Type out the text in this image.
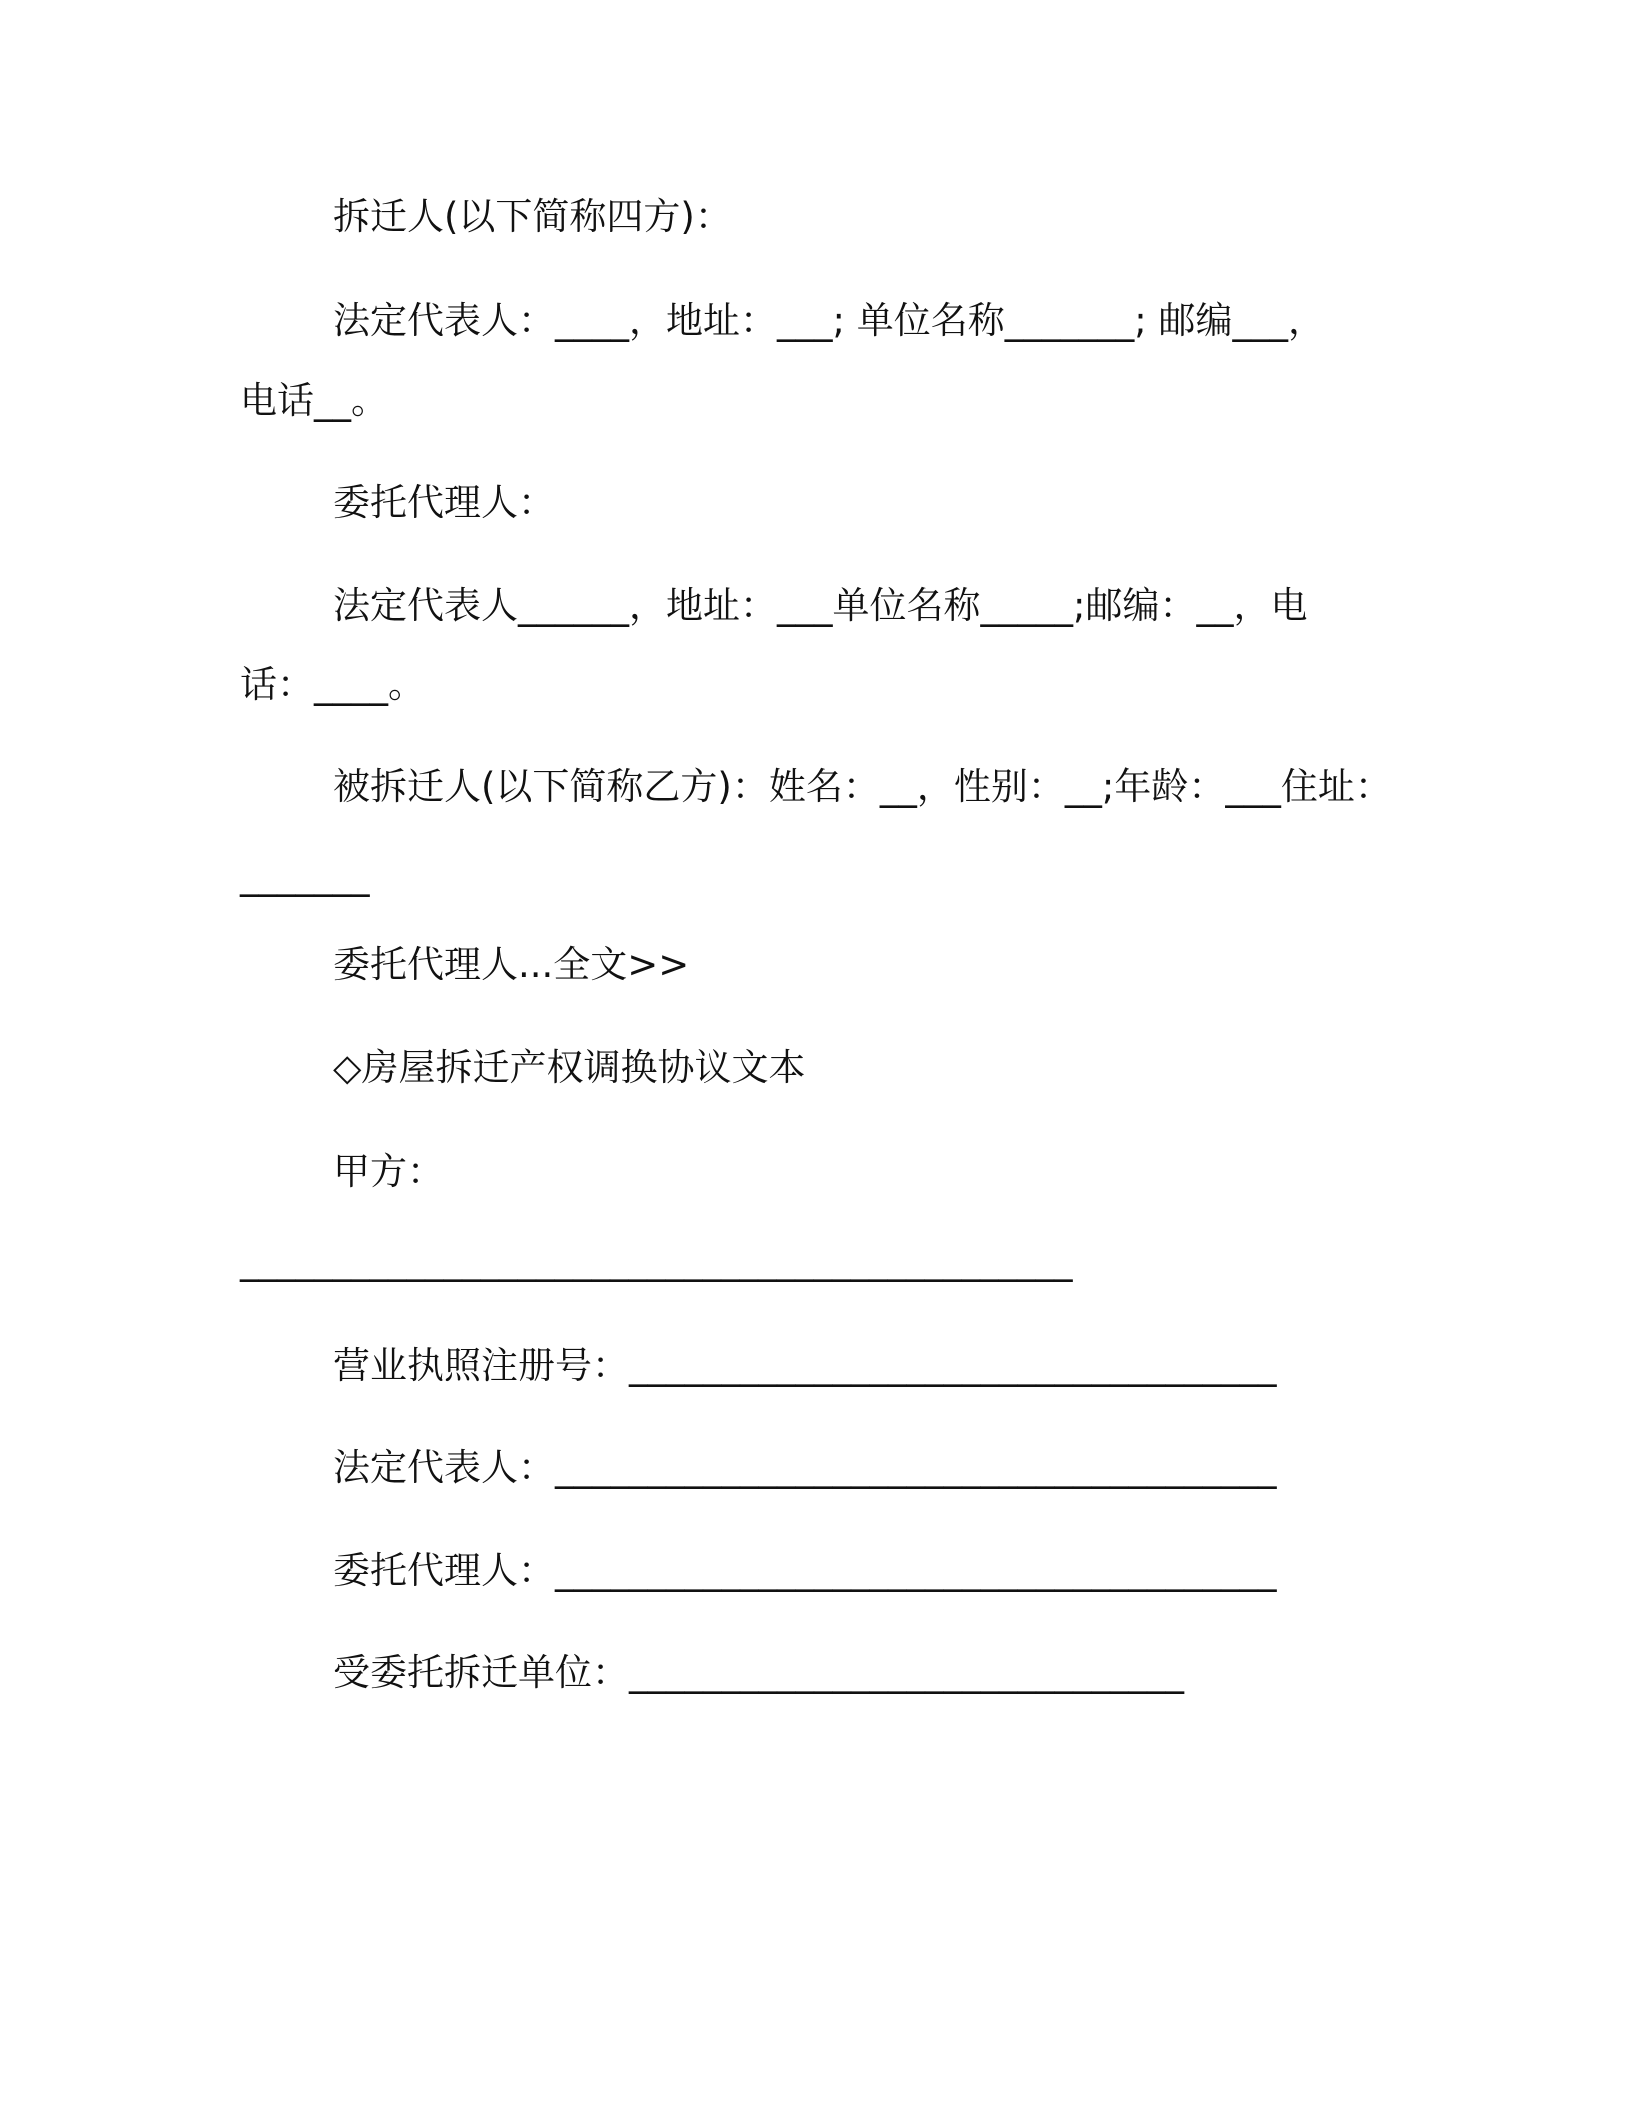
拆迁人(以下简称四方)：
法定代表人：____，地址：___; 单位名称_______; 邮编___，
电话__。
委托代理人：
法定代表人______，地址：___单位名称_____;邮编：__，电
话：____。
被拆迁人(以下简称乙方)：姓名：__，性别：__;年龄：___住址：
_______
委托代理人...全文>>
◇房屋拆迁产权调换协议文本
甲方：
_____________________________________________
营业执照注册号：___________________________________
法定代表人：_______________________________________
委托代理人：_______________________________________
受委托拆迁单位：______________________________
